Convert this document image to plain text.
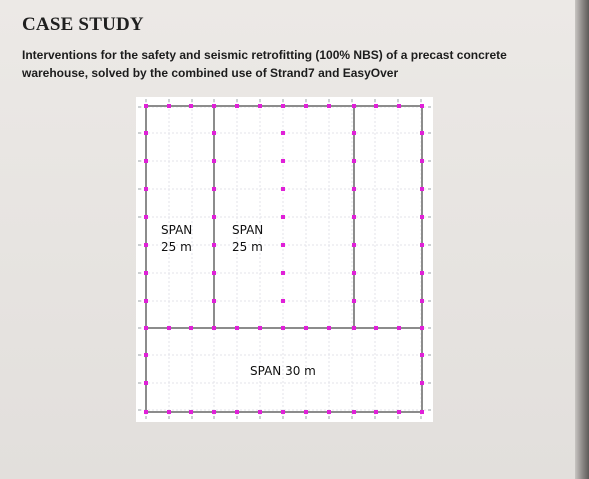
CASE STUDY

Interventions for the safety and seismic retrofitting (100% NBS) of a precast concrete warehouse, solved by the combined use of Strand7 and EasyOver

SPAN
25 m
SPAN
25 m
SPAN 30 m
